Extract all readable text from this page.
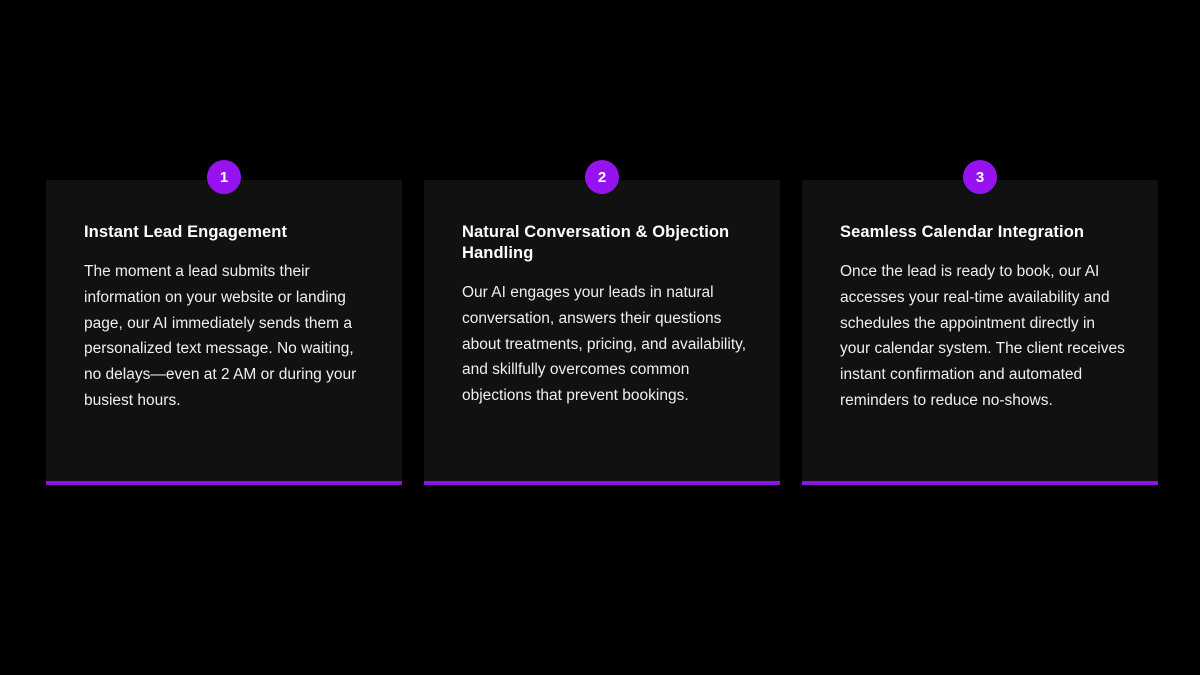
1
Instant Lead Engagement

The moment a lead submits their information on your website or landing page, our AI immediately sends them a personalized text message. No waiting, no delays—even at 2 AM or during your busiest hours.

2
Natural Conversation & Objection Handling

Our AI engages your leads in natural conversation, answers their questions about treatments, pricing, and availability, and skillfully overcomes common objections that prevent bookings.

3
Seamless Calendar Integration

Once the lead is ready to book, our AI accesses your real-time availability and schedules the appointment directly in your calendar system. The client receives instant confirmation and automated reminders to reduce no-shows.
